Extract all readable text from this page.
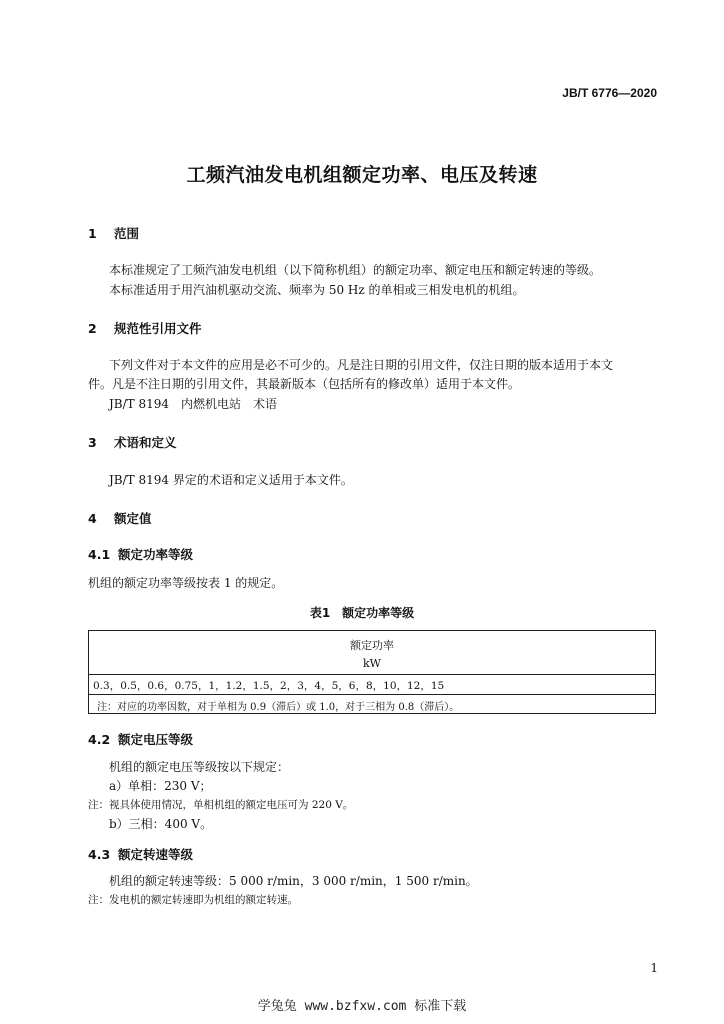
JB/T 6776—2020
工频汽油发电机组额定功率、电压及转速
1 范围
本标准规定了工频汽油发电机组（以下简称机组）的额定功率、额定电压和额定转速的等级。
本标准适用于用汽油机驱动交流、频率为 50 Hz 的单相或三相发电机的机组。
2 规范性引用文件
下列文件对于本文件的应用是必不可少的。凡是注日期的引用文件，仅注日期的版本适用于本文
件。凡是不注日期的引用文件，其最新版本（包括所有的修改单）适用于本文件。
JB/T 8194　内燃机电站　术语
3 术语和定义
JB/T 8194 界定的术语和定义适用于本文件。
4 额定值
4.1 额定功率等级
机组的额定功率等级按表 1 的规定。
表1 额定功率等级
额定功率
kW
0.3，0.5，0.6，0.75，1，1.2，1.5，2，3，4，5，6，8，10，12，15
注：对应的功率因数，对于单相为 0.9（滞后）或 1.0，对于三相为 0.8（滞后）。
4.2 额定电压等级
机组的额定电压等级按以下规定：
a）单相：230 V；
注：视具体使用情况，单相机组的额定电压可为 220 V。
b）三相：400 V。
4.3 额定转速等级
机组的额定转速等级：5 000 r/min，3 000 r/min，1 500 r/min。
注：发电机的额定转速即为机组的额定转速。
1
学兔兔 www.bzfxw.com 标准下载
